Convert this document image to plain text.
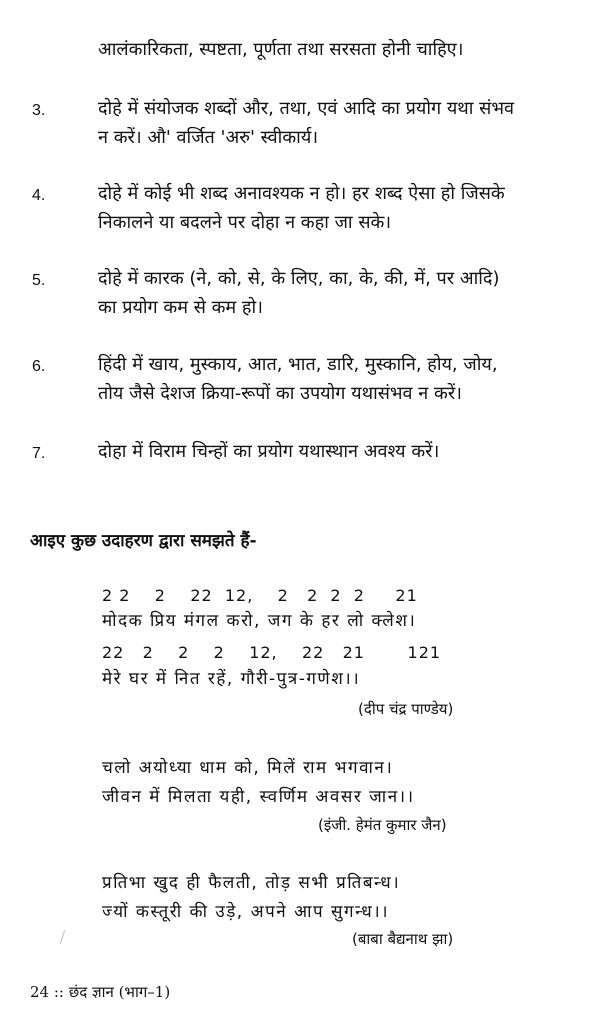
आलंकारिकता, स्पष्टता, पूर्णता तथा सरसता होनी चाहिए।
3.	दोहे में संयोजक शब्दों और, तथा, एवं आदि का प्रयोग यथा संभव
न करें। औ' वर्जित 'अरु' स्वीकार्य।
4.	दोहे में कोई भी शब्द अनावश्यक न हो। हर शब्द ऐसा हो जिसके
निकालने या बदलने पर दोहा न कहा जा सके।
5.	दोहे में कारक (ने, को, से, के लिए, का, के, की, में, पर आदि)
का प्रयोग कम से कम हो।
6.	हिंदी में खाय, मुस्काय, आत, भात, डारि, मुस्कानि, होय, जोय,
तोय जैसे देशज क्रिया-रूपों का उपयोग यथासंभव न करें।
7.	दोहा में विराम चिन्हों का प्रयोग यथास्थान अवश्य करें।
आइए कुछ उदाहरण द्वारा समझते हैं-
2 2    2    22  12,    2   2  2  2     21
मोदक प्रिय मंगल करो, जग के हर लो क्लेश।
22   2    2    2    12,    22   21       121
मेरे घर में नित रहें, गौरी-पुत्र-गणेश।।
(दीप चंद्र पाण्डेय)
चलो अयोध्या धाम को, मिलें राम भगवान।
जीवन में मिलता यही, स्वर्णिम अवसर जान।।
(इंजी. हेमंत कुमार जैन)
प्रतिभा खुद ही फैलती, तोड़ सभी प्रतिबन्ध।
ज्यों कस्तूरी की उड़े, अपने आप सुगन्ध।।
(बाबा बैद्यनाथ झा)
24 :: छंद ज्ञान (भाग–1)
